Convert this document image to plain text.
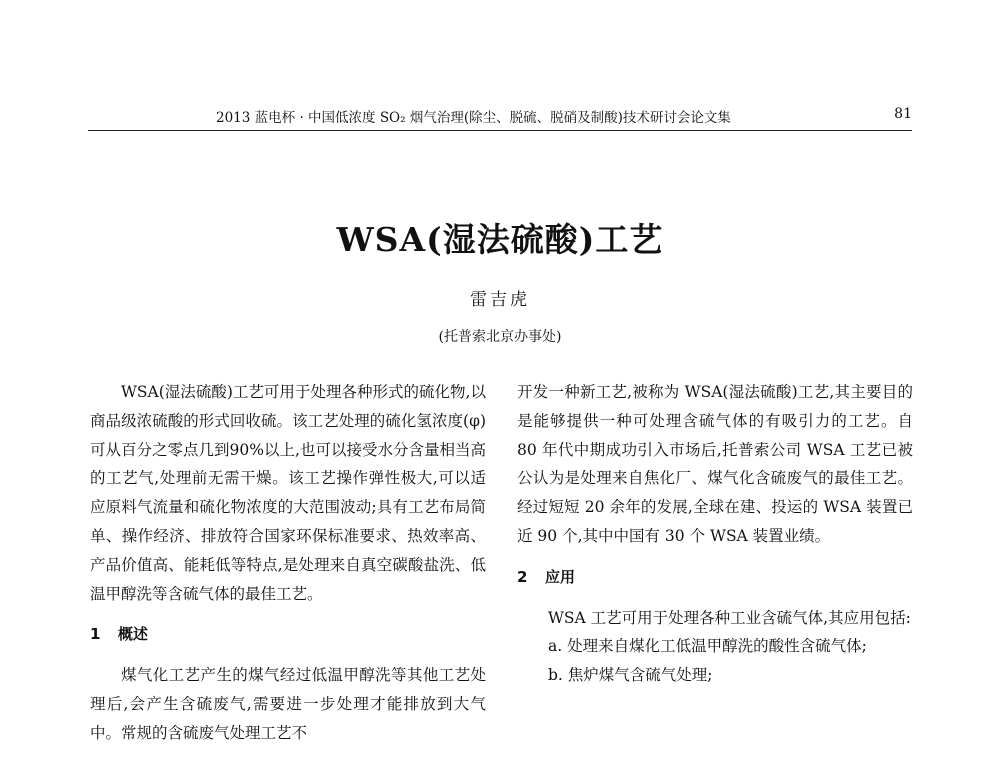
2013 蓝电杯 · 中国低浓度 SO₂ 烟气治理(除尘、脱硫、脱硝及制酸)技术研讨会论文集	81
WSA(湿法硫酸)工艺
雷吉虎
(托普索北京办事处)

WSA(湿法硫酸)工艺可用于处理各种形式的硫化物,以商品级浓硫酸的形式回收硫。该工艺处理的硫化氢浓度(φ)可从百分之零点几到90%以上,也可以接受水分含量相当高的工艺气,处理前无需干燥。该工艺操作弹性极大,可以适应原料气流量和硫化物浓度的大范围波动;具有工艺布局简单、操作经济、排放符合国家环保标准要求、热效率高、产品价值高、能耗低等特点,是处理来自真空碳酸盐洗、低温甲醇洗等含硫气体的最佳工艺。

1 概述

煤气化工艺产生的煤气经过低温甲醇洗等其他工艺处理后,会产生含硫废气,需要进一步处理才能排放到大气中。常规的含硫废气处理工艺不

开发一种新工艺,被称为 WSA(湿法硫酸)工艺,其主要目的是能够提供一种可处理含硫气体的有吸引力的工艺。自 80 年代中期成功引入市场后,托普索公司 WSA 工艺已被公认为是处理来自焦化厂、煤气化含硫废气的最佳工艺。经过短短 20 余年的发展,全球在建、投运的 WSA 装置已近 90 个,其中中国有 30 个 WSA 装置业绩。

2 应用

WSA 工艺可用于处理各种工业含硫气体,其应用包括:

a. 处理来自煤化工低温甲醇洗的酸性含硫气体;

b. 焦炉煤气含硫气处理;
